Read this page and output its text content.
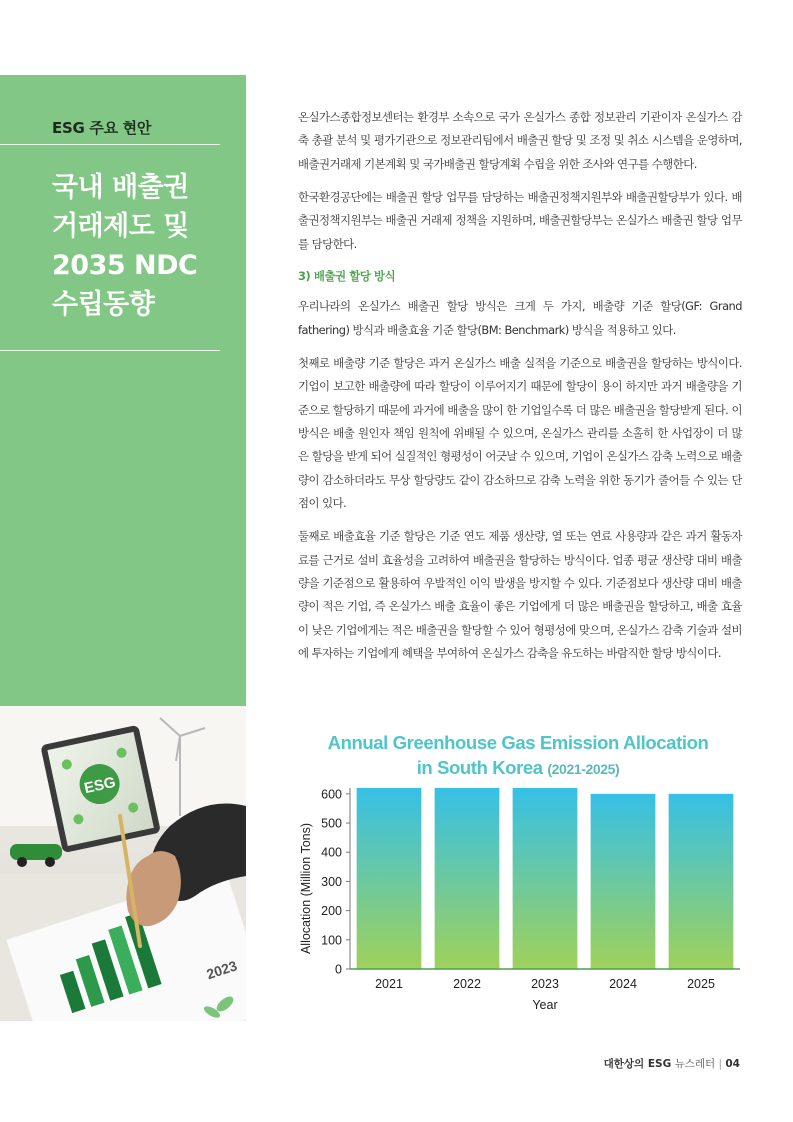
ESG 주요 현안
국내 배출권
거래제도 및
2035 NDC
수립동향
ESG
2023

온실가스종합정보센터는 환경부 소속으로 국가 온실가스 종합 정보관리 기관이자 온실가스 감축 총괄 분석 및 평가기관으로 정보관리팀에서 배출권 할당 및 조정 및 취소 시스템을 운영하며, 배출권거래제 기본계획 및 국가배출권 할당계획 수립을 위한 조사와 연구를 수행한다.

한국환경공단에는 배출권 할당 업무를 담당하는 배출권정책지원부와 배출권할당부가 있다. 배출권정책지원부는 배출권 거래제 정책을 지원하며, 배출권할당부는 온실가스 배출권 할당 업무를 담당한다.

3) 배출권 할당 방식

우리나라의 온실가스 배출권 할당 방식은 크게 두 가지, 배출량 기준 할당(GF: Grand fathering) 방식과 배출효율 기준 할당(BM: Benchmark) 방식을 적용하고 있다.

첫째로 배출량 기준 할당은 과거 온실가스 배출 실적을 기준으로 배출권을 할당하는 방식이다. 기업이 보고한 배출량에 따라 할당이 이루어지기 때문에 할당이 용이 하지만 과거 배출량을 기준으로 할당하기 때문에 과거에 배출을 많이 한 기업일수록 더 많은 배출권을 할당받게 된다. 이 방식은 배출 원인자 책임 원칙에 위배될 수 있으며, 온실가스 관리를 소홀히 한 사업장이 더 많은 할당을 받게 되어 실질적인 형평성이 어긋날 수 있으며, 기업이 온실가스 감축 노력으로 배출량이 감소하더라도 무상 할당량도 같이 감소하므로 감축 노력을 위한 동기가 줄어들 수 있는 단점이 있다.

둘째로 배출효율 기준 할당은 기준 연도 제품 생산량, 열 또는 연료 사용량과 같은 과거 활동자료를 근거로 설비 효율성을 고려하여 배출권을 할당하는 방식이다. 업종 평균 생산량 대비 배출량을 기준점으로 활용하여 우발적인 이익 발생을 방지할 수 있다. 기준점보다 생산량 대비 배출량이 적은 기업, 즉 온실가스 배출 효율이 좋은 기업에게 더 많은 배출권을 할당하고, 배출 효율이 낮은 기업에게는 적은 배출권을 할당할 수 있어 형평성에 맞으며, 온실가스 감축 기술과 설비에 투자하는 기업에게 혜택을 부여하여 온실가스 감축을 유도하는 바람직한 할당 방식이다.

Annual Greenhouse Gas Emission Allocation
in South Korea (2021-2025)
0
100
200
300
400
500
600
2021	2022	2023	2024	2025
Allocation (Million Tons)
Year
대한상의 ESG 뉴스레터 | 04
